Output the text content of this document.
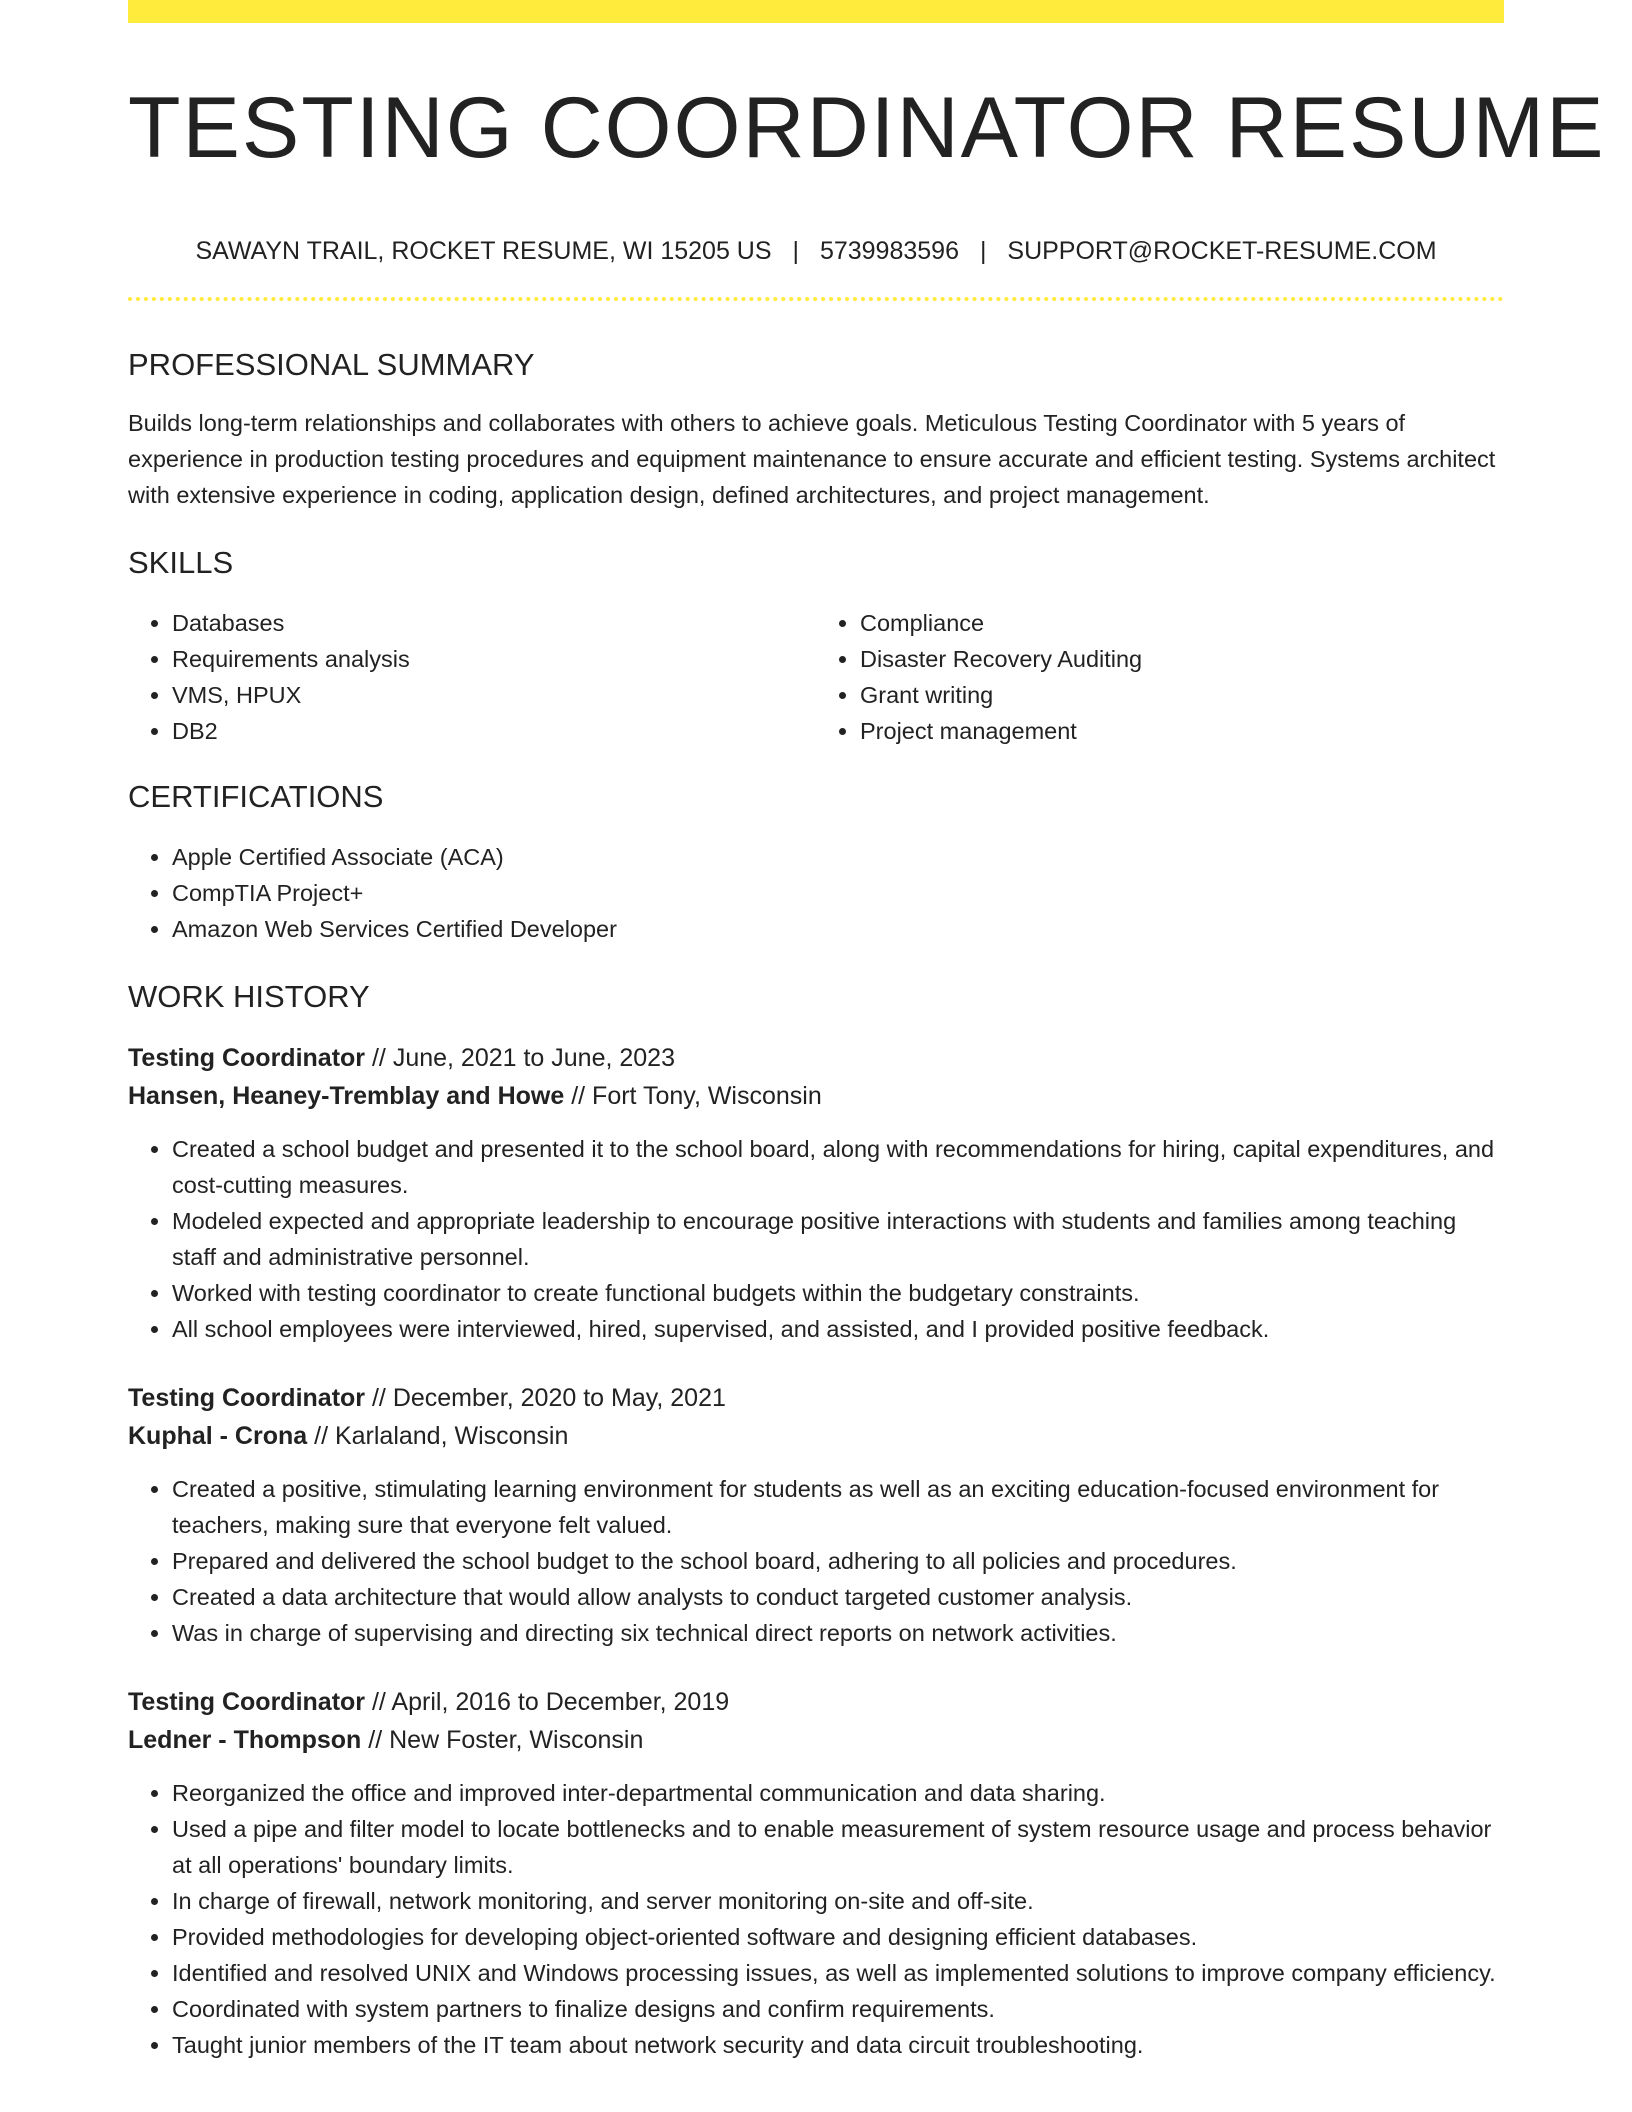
TESTING COORDINATOR RESUME
SAWAYN TRAIL, ROCKET RESUME, WI 15205 US | 5739983596 | SUPPORT@ROCKET-RESUME.COM
PROFESSIONAL SUMMARY

Builds long-term relationships and collaborates with others to achieve goals. Meticulous Testing Coordinator with 5 years of experience in production testing procedures and equipment maintenance to ensure accurate and efficient testing. Systems architect with extensive experience in coding, application design, defined architectures, and project management.

SKILLS
• Databases
• Requirements analysis
• VMS, HPUX
• DB2
• Compliance
• Disaster Recovery Auditing
• Grant writing
• Project management
CERTIFICATIONS
• Apple Certified Associate (ACA)
• CompTIA Project+
• Amazon Web Services Certified Developer
WORK HISTORY

Testing Coordinator // June, 2021 to June, 2023

Hansen, Heaney-Tremblay and Howe // Fort Tony, Wisconsin

• Created a school budget and presented it to the school board, along with recommendations for hiring, capital expenditures, and cost-cutting measures.
• Modeled expected and appropriate leadership to encourage positive interactions with students and families among teaching staff and administrative personnel.
• Worked with testing coordinator to create functional budgets within the budgetary constraints.
• All school employees were interviewed, hired, supervised, and assisted, and I provided positive feedback.

Testing Coordinator // December, 2020 to May, 2021

Kuphal - Crona // Karlaland, Wisconsin

• Created a positive, stimulating learning environment for students as well as an exciting education-focused environment for teachers, making sure that everyone felt valued.
• Prepared and delivered the school budget to the school board, adhering to all policies and procedures.
• Created a data architecture that would allow analysts to conduct targeted customer analysis.
• Was in charge of supervising and directing six technical direct reports on network activities.

Testing Coordinator // April, 2016 to December, 2019

Ledner - Thompson // New Foster, Wisconsin

• Reorganized the office and improved inter-departmental communication and data sharing.
• Used a pipe and filter model to locate bottlenecks and to enable measurement of system resource usage and process behavior at all operations' boundary limits.
• In charge of firewall, network monitoring, and server monitoring on-site and off-site.
• Provided methodologies for developing object-oriented software and designing efficient databases.
• Identified and resolved UNIX and Windows processing issues, as well as implemented solutions to improve company efficiency.
• Coordinated with system partners to finalize designs and confirm requirements.
• Taught junior members of the IT team about network security and data circuit troubleshooting.
